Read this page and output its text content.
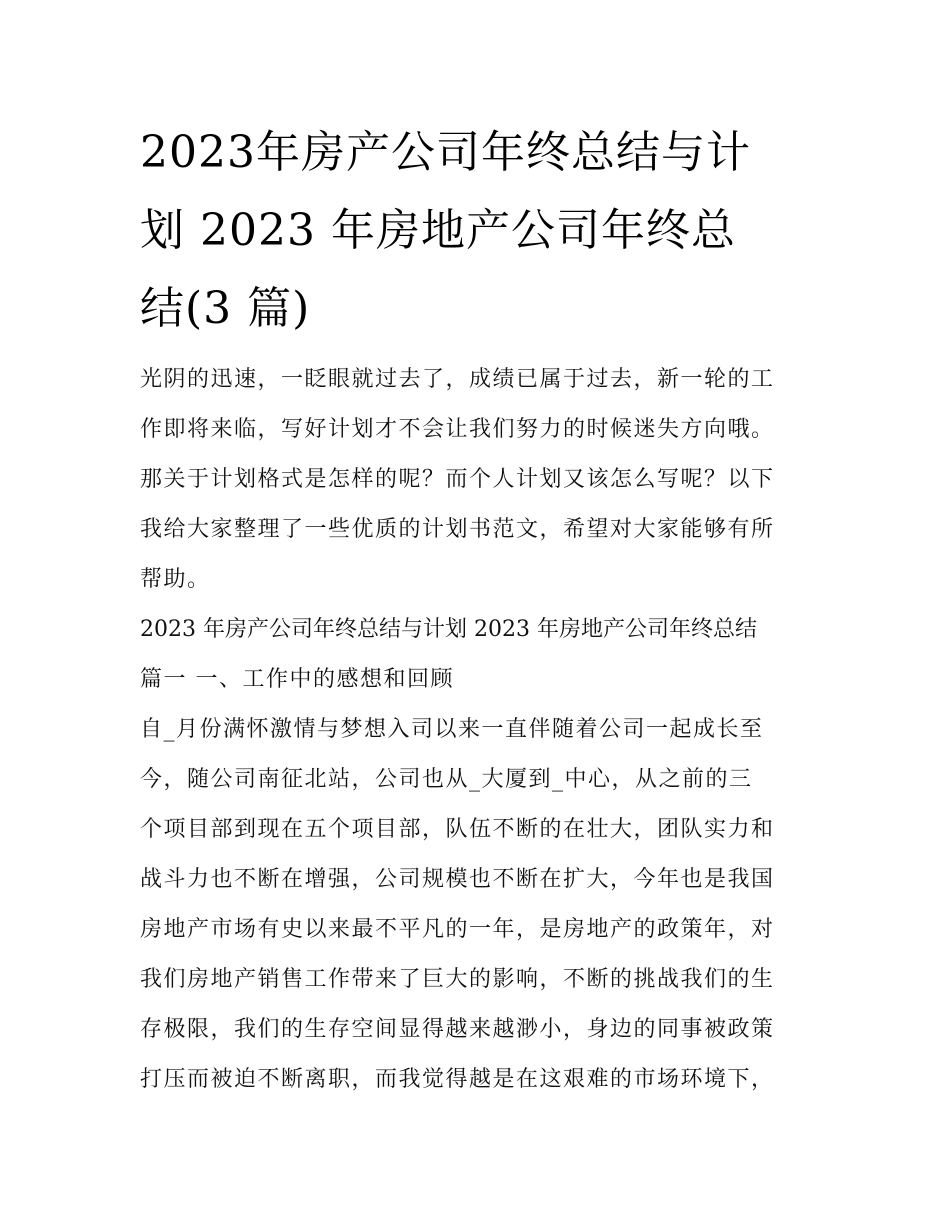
2023年房产公司年终总结与计
划 2023 年房地产公司年终总
结(3 篇)
光阴的迅速，一眨眼就过去了，成绩已属于过去，新一轮的工
作即将来临，写好计划才不会让我们努力的时候迷失方向哦。
那关于计划格式是怎样的呢？而个人计划又该怎么写呢？以下
我给大家整理了一些优质的计划书范文，希望对大家能够有所
帮助。
2023 年房产公司年终总结与计划 2023 年房地产公司年终总结
篇一 一、工作中的感想和回顾
自_月份满怀激情与梦想入司以来一直伴随着公司一起成长至
今，随公司南征北站，公司也从_大厦到_中心，从之前的三
个项目部到现在五个项目部，队伍不断的在壮大，团队实力和
战斗力也不断在增强，公司规模也不断在扩大，今年也是我国
房地产市场有史以来最不平凡的一年，是房地产的政策年，对
我们房地产销售工作带来了巨大的影响，不断的挑战我们的生
存极限，我们的生存空间显得越来越渺小，身边的同事被政策
打压而被迫不断离职，而我觉得越是在这艰难的市场环境下，
